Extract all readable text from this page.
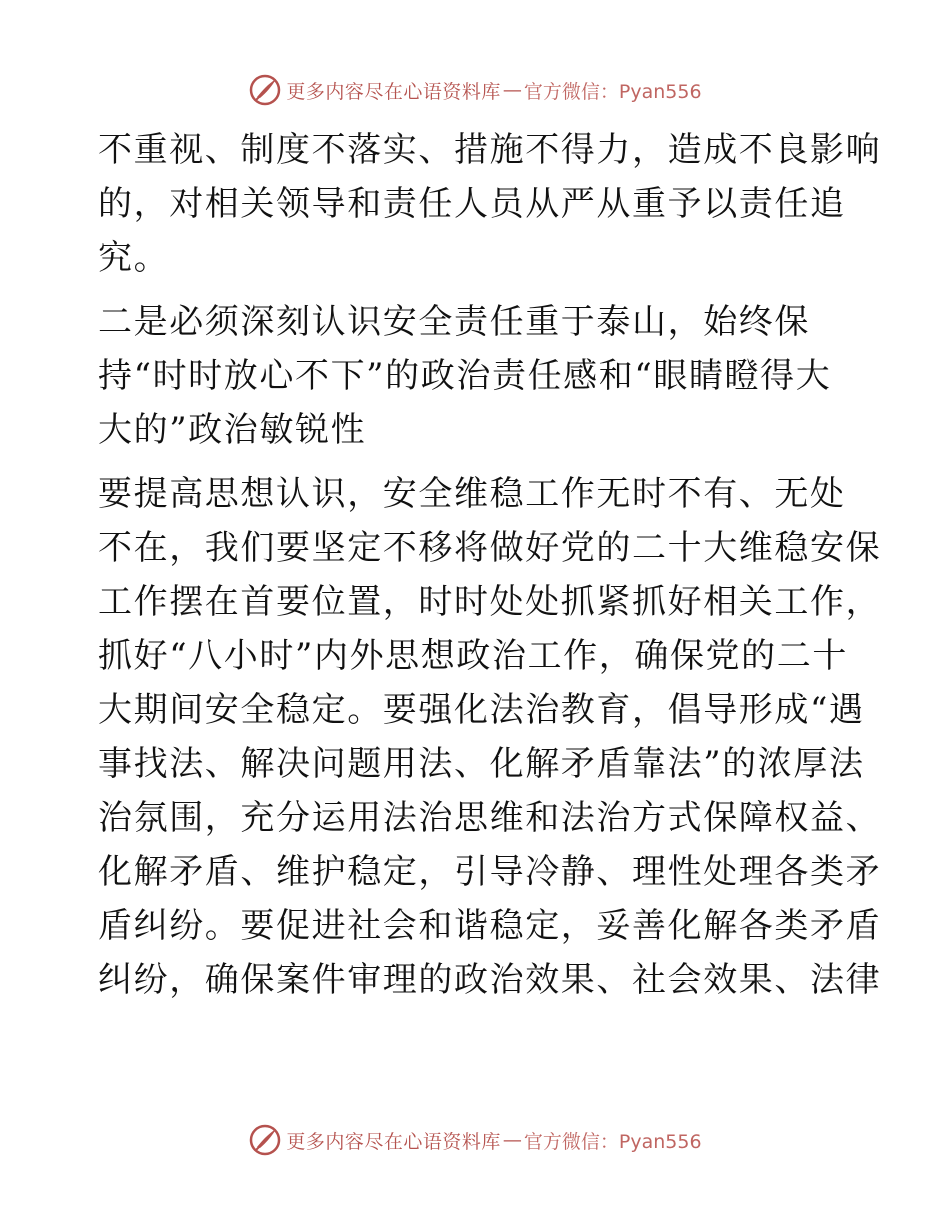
更多内容尽在心语资料库 — 官方微信：Pyan556

不重视、制度不落实、措施不得力，造成不良影响
的，对相关领导和责任人员从严从重予以责任追
究。

二是必须深刻认识安全责任重于泰山，始终保
持“时时放心不下”的政治责任感和“眼睛瞪得大
大的”政治敏锐性

要提高思想认识，安全维稳工作无时不有、无处
不在，我们要坚定不移将做好党的二十大维稳安保
工作摆在首要位置，时时处处抓紧抓好相关工作，
抓好“八小时”内外思想政治工作，确保党的二十
大期间安全稳定。要强化法治教育，倡导形成“遇
事找法、解决问题用法、化解矛盾靠法”的浓厚法
治氛围，充分运用法治思维和法治方式保障权益、
化解矛盾、维护稳定，引导冷静、理性处理各类矛
盾纠纷。要促进社会和谐稳定，妥善化解各类矛盾
纠纷，确保案件审理的政治效果、社会效果、法律

更多内容尽在心语资料库 — 官方微信：Pyan556
